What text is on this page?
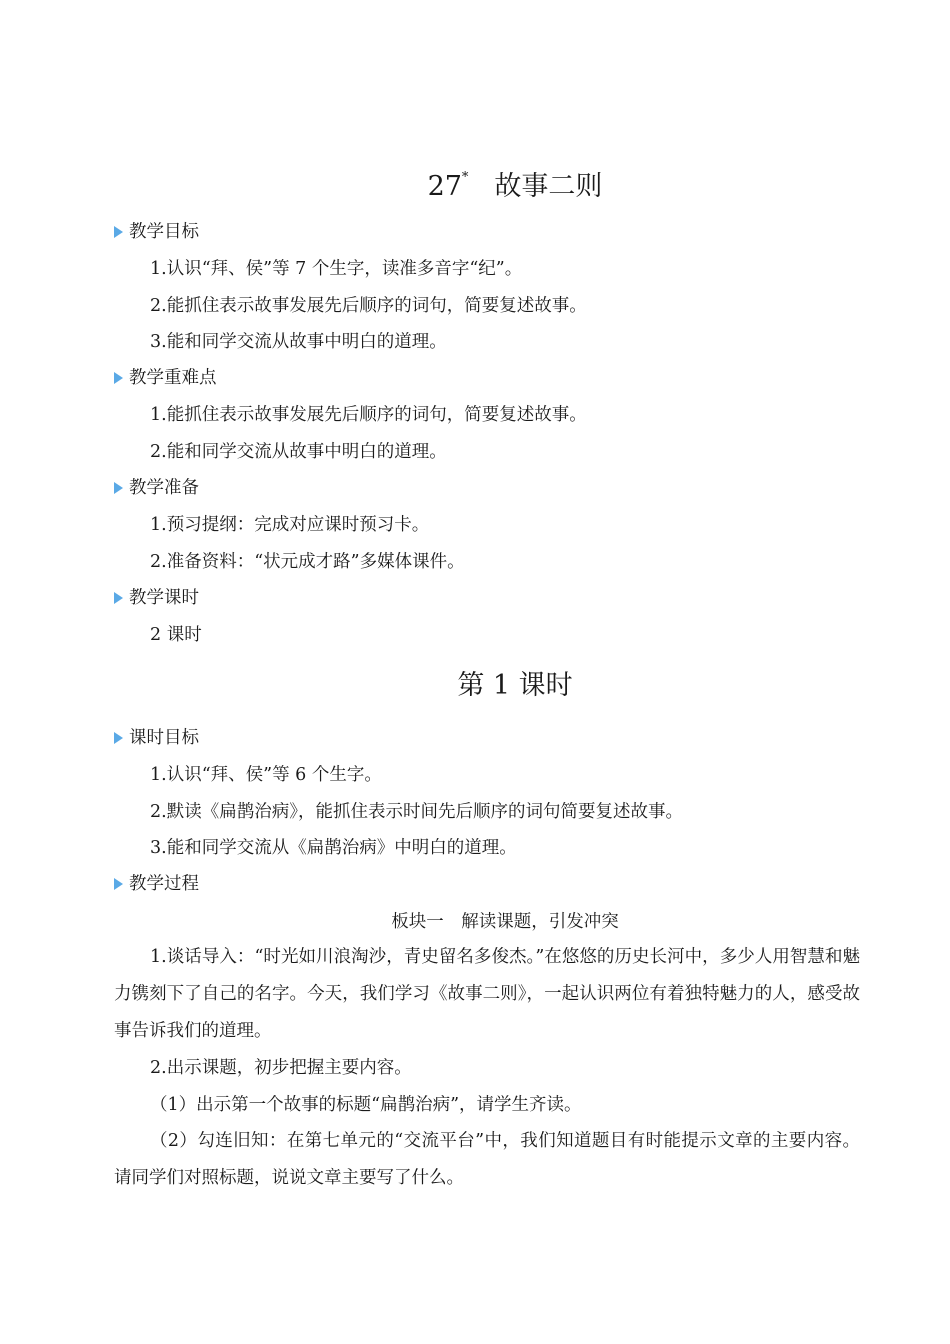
27* 故事二则
教学目标
1.认识“拜、侯”等 7 个生字，读准多音字“纪”。
2.能抓住表示故事发展先后顺序的词句，简要复述故事。
3.能和同学交流从故事中明白的道理。
教学重难点
1.能抓住表示故事发展先后顺序的词句，简要复述故事。
2.能和同学交流从故事中明白的道理。
教学准备
1.预习提纲：完成对应课时预习卡。
2.准备资料：“状元成才路”多媒体课件。
教学课时
2 课时
第 1 课时
课时目标
1.认识“拜、侯”等 6 个生字。
2.默读《扁鹊治病》，能抓住表示时间先后顺序的词句简要复述故事。
3.能和同学交流从《扁鹊治病》中明白的道理。
教学过程
板块一　解读课题，引发冲突
1.谈话导入：“时光如川浪淘沙，青史留名多俊杰。”在悠悠的历史长河中，多少人用智慧和魅力镌刻下了自己的名字。今天，我们学习《故事二则》，一起认识两位有着独特魅力的人，感受故事告诉我们的道理。
2.出示课题，初步把握主要内容。
（1）出示第一个故事的标题“扁鹊治病”，请学生齐读。
（2）勾连旧知：在第七单元的“交流平台”中，我们知道题目有时能提示文章的主要内容。请同学们对照标题，说说文章主要写了什么。
